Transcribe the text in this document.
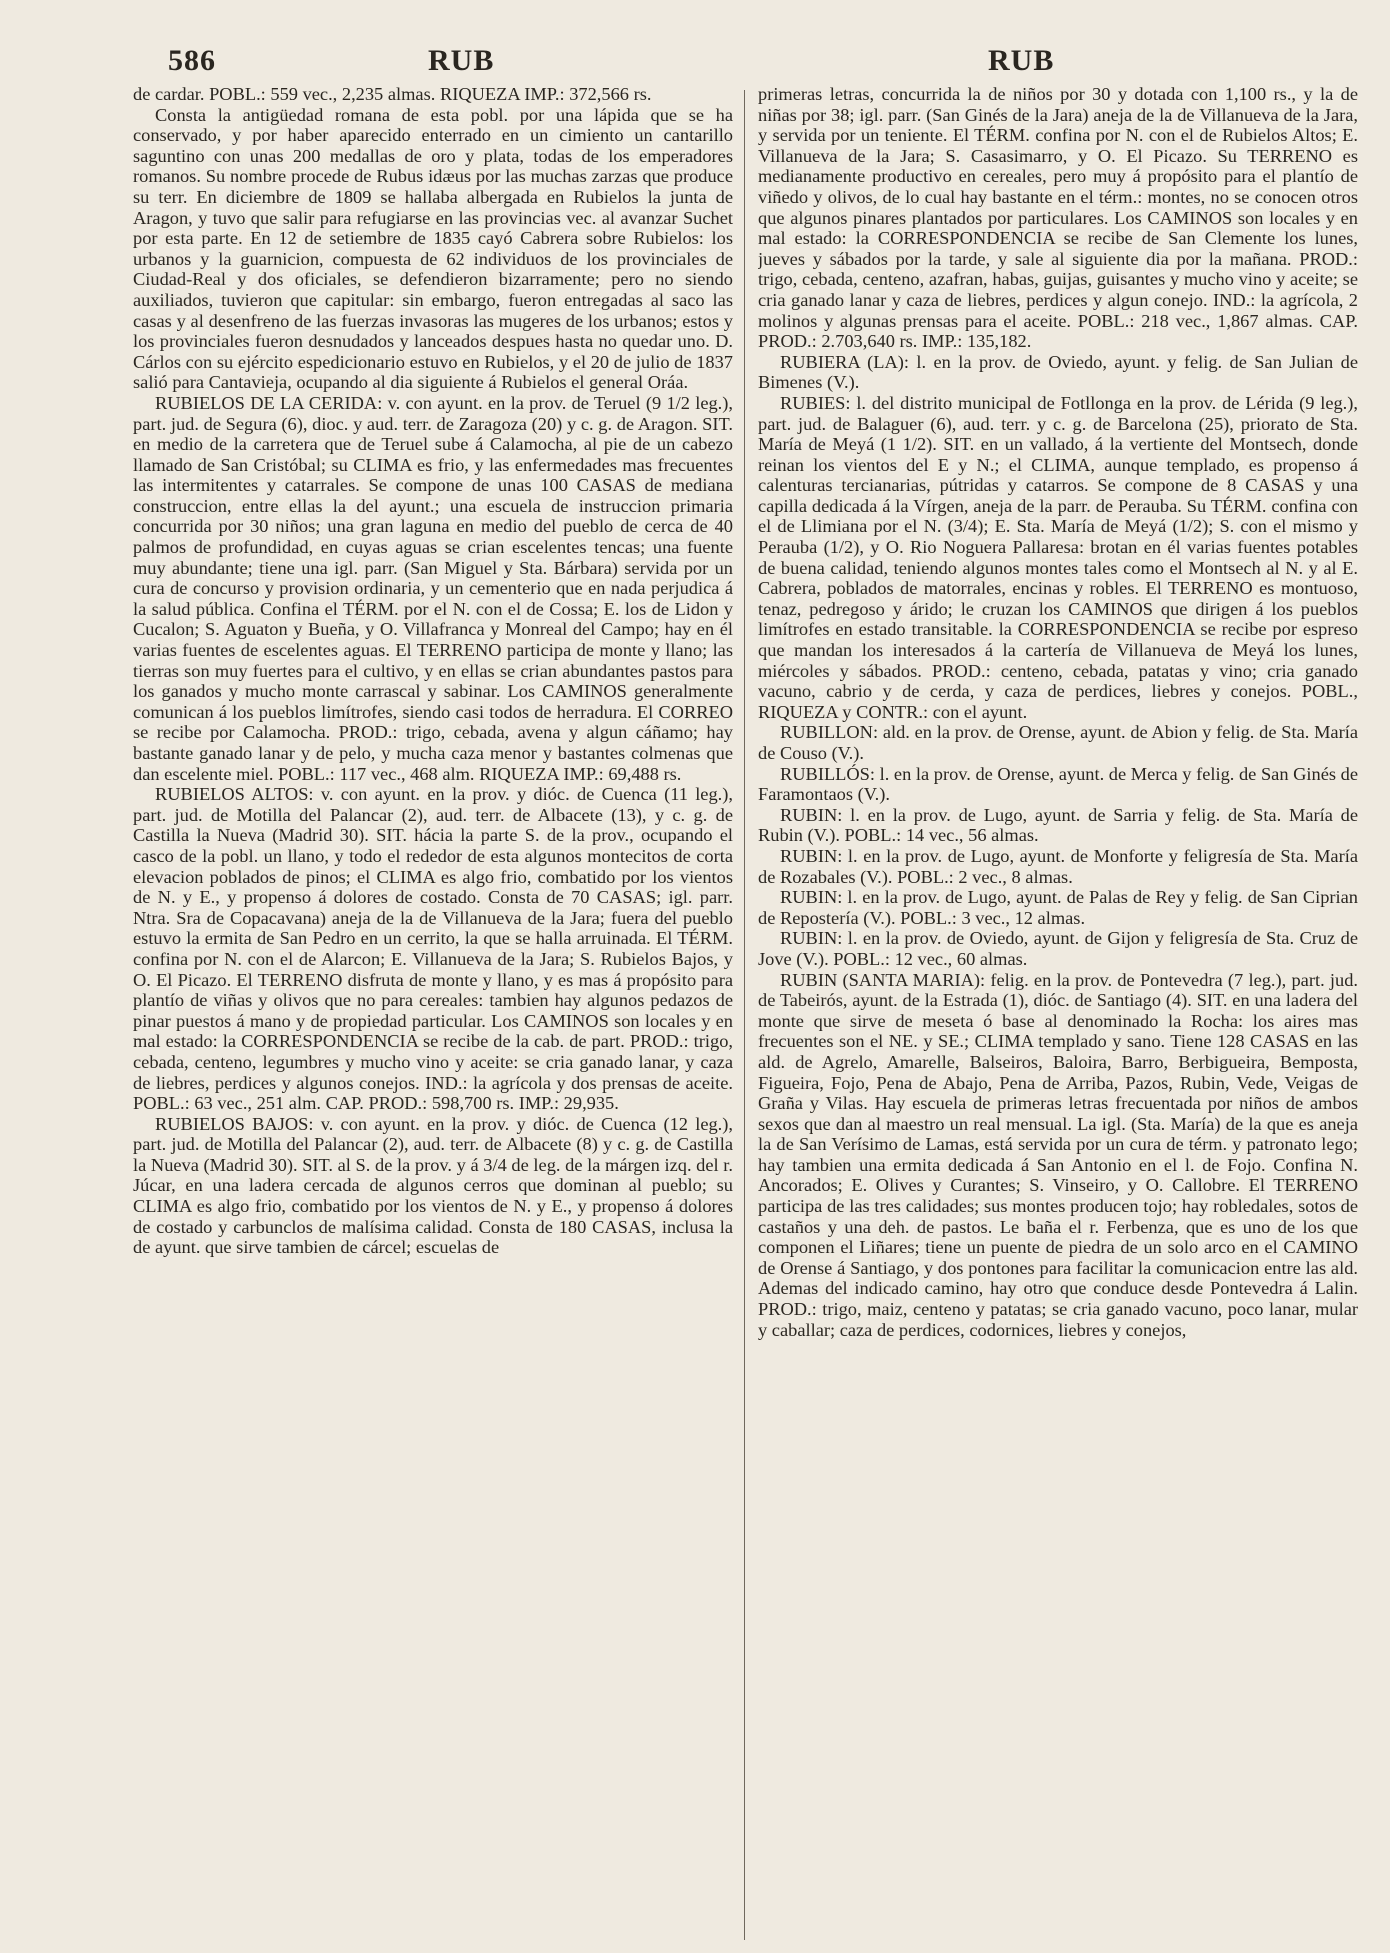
586	RUB	RUB

de cardar. POBL.: 559 vec., 2,235 almas. RIQUEZA IMP.: 372,566 rs.

Consta la antigüedad romana de esta pobl. por una lápida que se ha conservado, y por haber aparecido enterrado en un cimiento un cantarillo saguntino con unas 200 medallas de oro y plata, todas de los emperadores romanos. Su nombre procede de Rubus idæus por las muchas zarzas que produce su terr. En diciembre de 1809 se hallaba albergada en Rubielos la junta de Aragon, y tuvo que salir para refugiarse en las provincias vec. al avanzar Suchet por esta parte. En 12 de setiembre de 1835 cayó Cabrera sobre Rubielos: los urbanos y la guarnicion, compuesta de 62 individuos de los provinciales de Ciudad-Real y dos oficiales, se defendieron bizarramente; pero no siendo auxiliados, tuvieron que capitular: sin embargo, fueron entregadas al saco las casas y al desenfreno de las fuerzas invasoras las mugeres de los urbanos; estos y los provinciales fueron desnudados y lanceados despues hasta no quedar uno. D. Cárlos con su ejército espedicionario estuvo en Rubielos, y el 20 de julio de 1837 salió para Cantavieja, ocupando al dia siguiente á Rubielos el general Oráa.

RUBIELOS DE LA CERIDA: v. con ayunt. en la prov. de Teruel (9 1/2 leg.), part. jud. de Segura (6), dioc. y aud. terr. de Zaragoza (20) y c. g. de Aragon. SIT. en medio de la carretera que de Teruel sube á Calamocha, al pie de un cabezo llamado de San Cristóbal; su CLIMA es frio, y las enfermedades mas frecuentes las intermitentes y catarrales. Se compone de unas 100 CASAS de mediana construccion, entre ellas la del ayunt.; una escuela de instruccion primaria concurrida por 30 niños; una gran laguna en medio del pueblo de cerca de 40 palmos de profundidad, en cuyas aguas se crian escelentes tencas; una fuente muy abundante; tiene una igl. parr. (San Miguel y Sta. Bárbara) servida por un cura de concurso y provision ordinaria, y un cementerio que en nada perjudica á la salud pública. Confina el TÉRM. por el N. con el de Cossa; E. los de Lidon y Cucalon; S. Aguaton y Bueña, y O. Villafranca y Monreal del Campo; hay en él varias fuentes de escelentes aguas. El TERRENO participa de monte y llano; las tierras son muy fuertes para el cultivo, y en ellas se crian abundantes pastos para los ganados y mucho monte carrascal y sabinar. Los CAMINOS generalmente comunican á los pueblos limítrofes, siendo casi todos de herradura. El CORREO se recibe por Calamocha. PROD.: trigo, cebada, avena y algun cáñamo; hay bastante ganado lanar y de pelo, y mucha caza menor y bastantes colmenas que dan escelente miel. POBL.: 117 vec., 468 alm. RIQUEZA IMP.: 69,488 rs.

RUBIELOS ALTOS: v. con ayunt. en la prov. y dióc. de Cuenca (11 leg.), part. jud. de Motilla del Palancar (2), aud. terr. de Albacete (13), y c. g. de Castilla la Nueva (Madrid 30). SIT. hácia la parte S. de la prov., ocupando el casco de la pobl. un llano, y todo el rededor de esta algunos montecitos de corta elevacion poblados de pinos; el CLIMA es algo frio, combatido por los vientos de N. y E., y propenso á dolores de costado. Consta de 70 CASAS; igl. parr. Ntra. Sra de Copacavana) aneja de la de Villanueva de la Jara; fuera del pueblo estuvo la ermita de San Pedro en un cerrito, la que se halla arruinada. El TÉRM. confina por N. con el de Alarcon; E. Villanueva de la Jara; S. Rubielos Bajos, y O. El Picazo. El TERRENO disfruta de monte y llano, y es mas á propósito para plantío de viñas y olivos que no para cereales: tambien hay algunos pedazos de pinar puestos á mano y de propiedad particular. Los CAMINOS son locales y en mal estado: la CORRESPONDENCIA se recibe de la cab. de part. PROD.: trigo, cebada, centeno, legumbres y mucho vino y aceite: se cria ganado lanar, y caza de liebres, perdices y algunos conejos. IND.: la agrícola y dos prensas de aceite. POBL.: 63 vec., 251 alm. CAP. PROD.: 598,700 rs. IMP.: 29,935.

RUBIELOS BAJOS: v. con ayunt. en la prov. y dióc. de Cuenca (12 leg.), part. jud. de Motilla del Palancar (2), aud. terr. de Albacete (8) y c. g. de Castilla la Nueva (Madrid 30). SIT. al S. de la prov. y á 3/4 de leg. de la márgen izq. del r. Júcar, en una ladera cercada de algunos cerros que dominan al pueblo; su CLIMA es algo frio, combatido por los vientos de N. y E., y propenso á dolores de costado y carbunclos de malísima calidad. Consta de 180 CASAS, inclusa la de ayunt. que sirve tambien de cárcel; escuelas de

primeras letras, concurrida la de niños por 30 y dotada con 1,100 rs., y la de niñas por 38; igl. parr. (San Ginés de la Jara) aneja de la de Villanueva de la Jara, y servida por un teniente. El TÉRM. confina por N. con el de Rubielos Altos; E. Villanueva de la Jara; S. Casasimarro, y O. El Picazo. Su TERRENO es medianamente productivo en cereales, pero muy á propósito para el plantío de viñedo y olivos, de lo cual hay bastante en el térm.: montes, no se conocen otros que algunos pinares plantados por particulares. Los CAMINOS son locales y en mal estado: la CORRESPONDENCIA se recibe de San Clemente los lunes, jueves y sábados por la tarde, y sale al siguiente dia por la mañana. PROD.: trigo, cebada, centeno, azafran, habas, guijas, guisantes y mucho vino y aceite; se cria ganado lanar y caza de liebres, perdices y algun conejo. IND.: la agrícola, 2 molinos y algunas prensas para el aceite. POBL.: 218 vec., 1,867 almas. CAP. PROD.: 2.703,640 rs. IMP.: 135,182.

RUBIERA (LA): l. en la prov. de Oviedo, ayunt. y felig. de San Julian de Bimenes (V.).

RUBIES: l. del distrito municipal de Fotllonga en la prov. de Lérida (9 leg.), part. jud. de Balaguer (6), aud. terr. y c. g. de Barcelona (25), priorato de Sta. María de Meyá (1 1/2). SIT. en un vallado, á la vertiente del Montsech, donde reinan los vientos del E y N.; el CLIMA, aunque templado, es propenso á calenturas tercianarias, pútridas y catarros. Se compone de 8 CASAS y una capilla dedicada á la Vírgen, aneja de la parr. de Perauba. Su TÉRM. confina con el de Llimiana por el N. (3/4); E. Sta. María de Meyá (1/2); S. con el mismo y Perauba (1/2), y O. Rio Noguera Pallaresa: brotan en él varias fuentes potables de buena calidad, teniendo algunos montes tales como el Montsech al N. y al E. Cabrera, poblados de matorrales, encinas y robles. El TERRENO es montuoso, tenaz, pedregoso y árido; le cruzan los CAMINOS que dirigen á los pueblos limítrofes en estado transitable. la CORRESPONDENCIA se recibe por espreso que mandan los interesados á la cartería de Villanueva de Meyá los lunes, miércoles y sábados. PROD.: centeno, cebada, patatas y vino; cria ganado vacuno, cabrio y de cerda, y caza de perdices, liebres y conejos. POBL., RIQUEZA y CONTR.: con el ayunt.

RUBILLON: ald. en la prov. de Orense, ayunt. de Abion y felig. de Sta. María de Couso (V.).

RUBILLÓS: l. en la prov. de Orense, ayunt. de Merca y felig. de San Ginés de Faramontaos (V.).

RUBIN: l. en la prov. de Lugo, ayunt. de Sarria y felig. de Sta. María de Rubin (V.). POBL.: 14 vec., 56 almas.

RUBIN: l. en la prov. de Lugo, ayunt. de Monforte y feligresía de Sta. María de Rozabales (V.). POBL.: 2 vec., 8 almas.

RUBIN: l. en la prov. de Lugo, ayunt. de Palas de Rey y felig. de San Ciprian de Repostería (V.). POBL.: 3 vec., 12 almas.

RUBIN: l. en la prov. de Oviedo, ayunt. de Gijon y feligresía de Sta. Cruz de Jove (V.). POBL.: 12 vec., 60 almas.

RUBIN (SANTA MARIA): felig. en la prov. de Pontevedra (7 leg.), part. jud. de Tabeirós, ayunt. de la Estrada (1), dióc. de Santiago (4). SIT. en una ladera del monte que sirve de meseta ó base al denominado la Rocha: los aires mas frecuentes son el NE. y SE.; CLIMA templado y sano. Tiene 128 CASAS en las ald. de Agrelo, Amarelle, Balseiros, Baloira, Barro, Berbigueira, Bemposta, Figueira, Fojo, Pena de Abajo, Pena de Arriba, Pazos, Rubin, Vede, Veigas de Graña y Vilas. Hay escuela de primeras letras frecuentada por niños de ambos sexos que dan al maestro un real mensual. La igl. (Sta. María) de la que es aneja la de San Verísimo de Lamas, está servida por un cura de térm. y patronato lego; hay tambien una ermita dedicada á San Antonio en el l. de Fojo. Confina N. Ancorados; E. Olives y Curantes; S. Vinseiro, y O. Callobre. El TERRENO participa de las tres calidades; sus montes producen tojo; hay robledales, sotos de castaños y una deh. de pastos. Le baña el r. Ferbenza, que es uno de los que componen el Liñares; tiene un puente de piedra de un solo arco en el CAMINO de Orense á Santiago, y dos pontones para facilitar la comunicacion entre las ald. Ademas del indicado camino, hay otro que conduce desde Pontevedra á Lalin. PROD.: trigo, maiz, centeno y patatas; se cria ganado vacuno, poco lanar, mular y caballar; caza de perdices, codornices, liebres y conejos,
